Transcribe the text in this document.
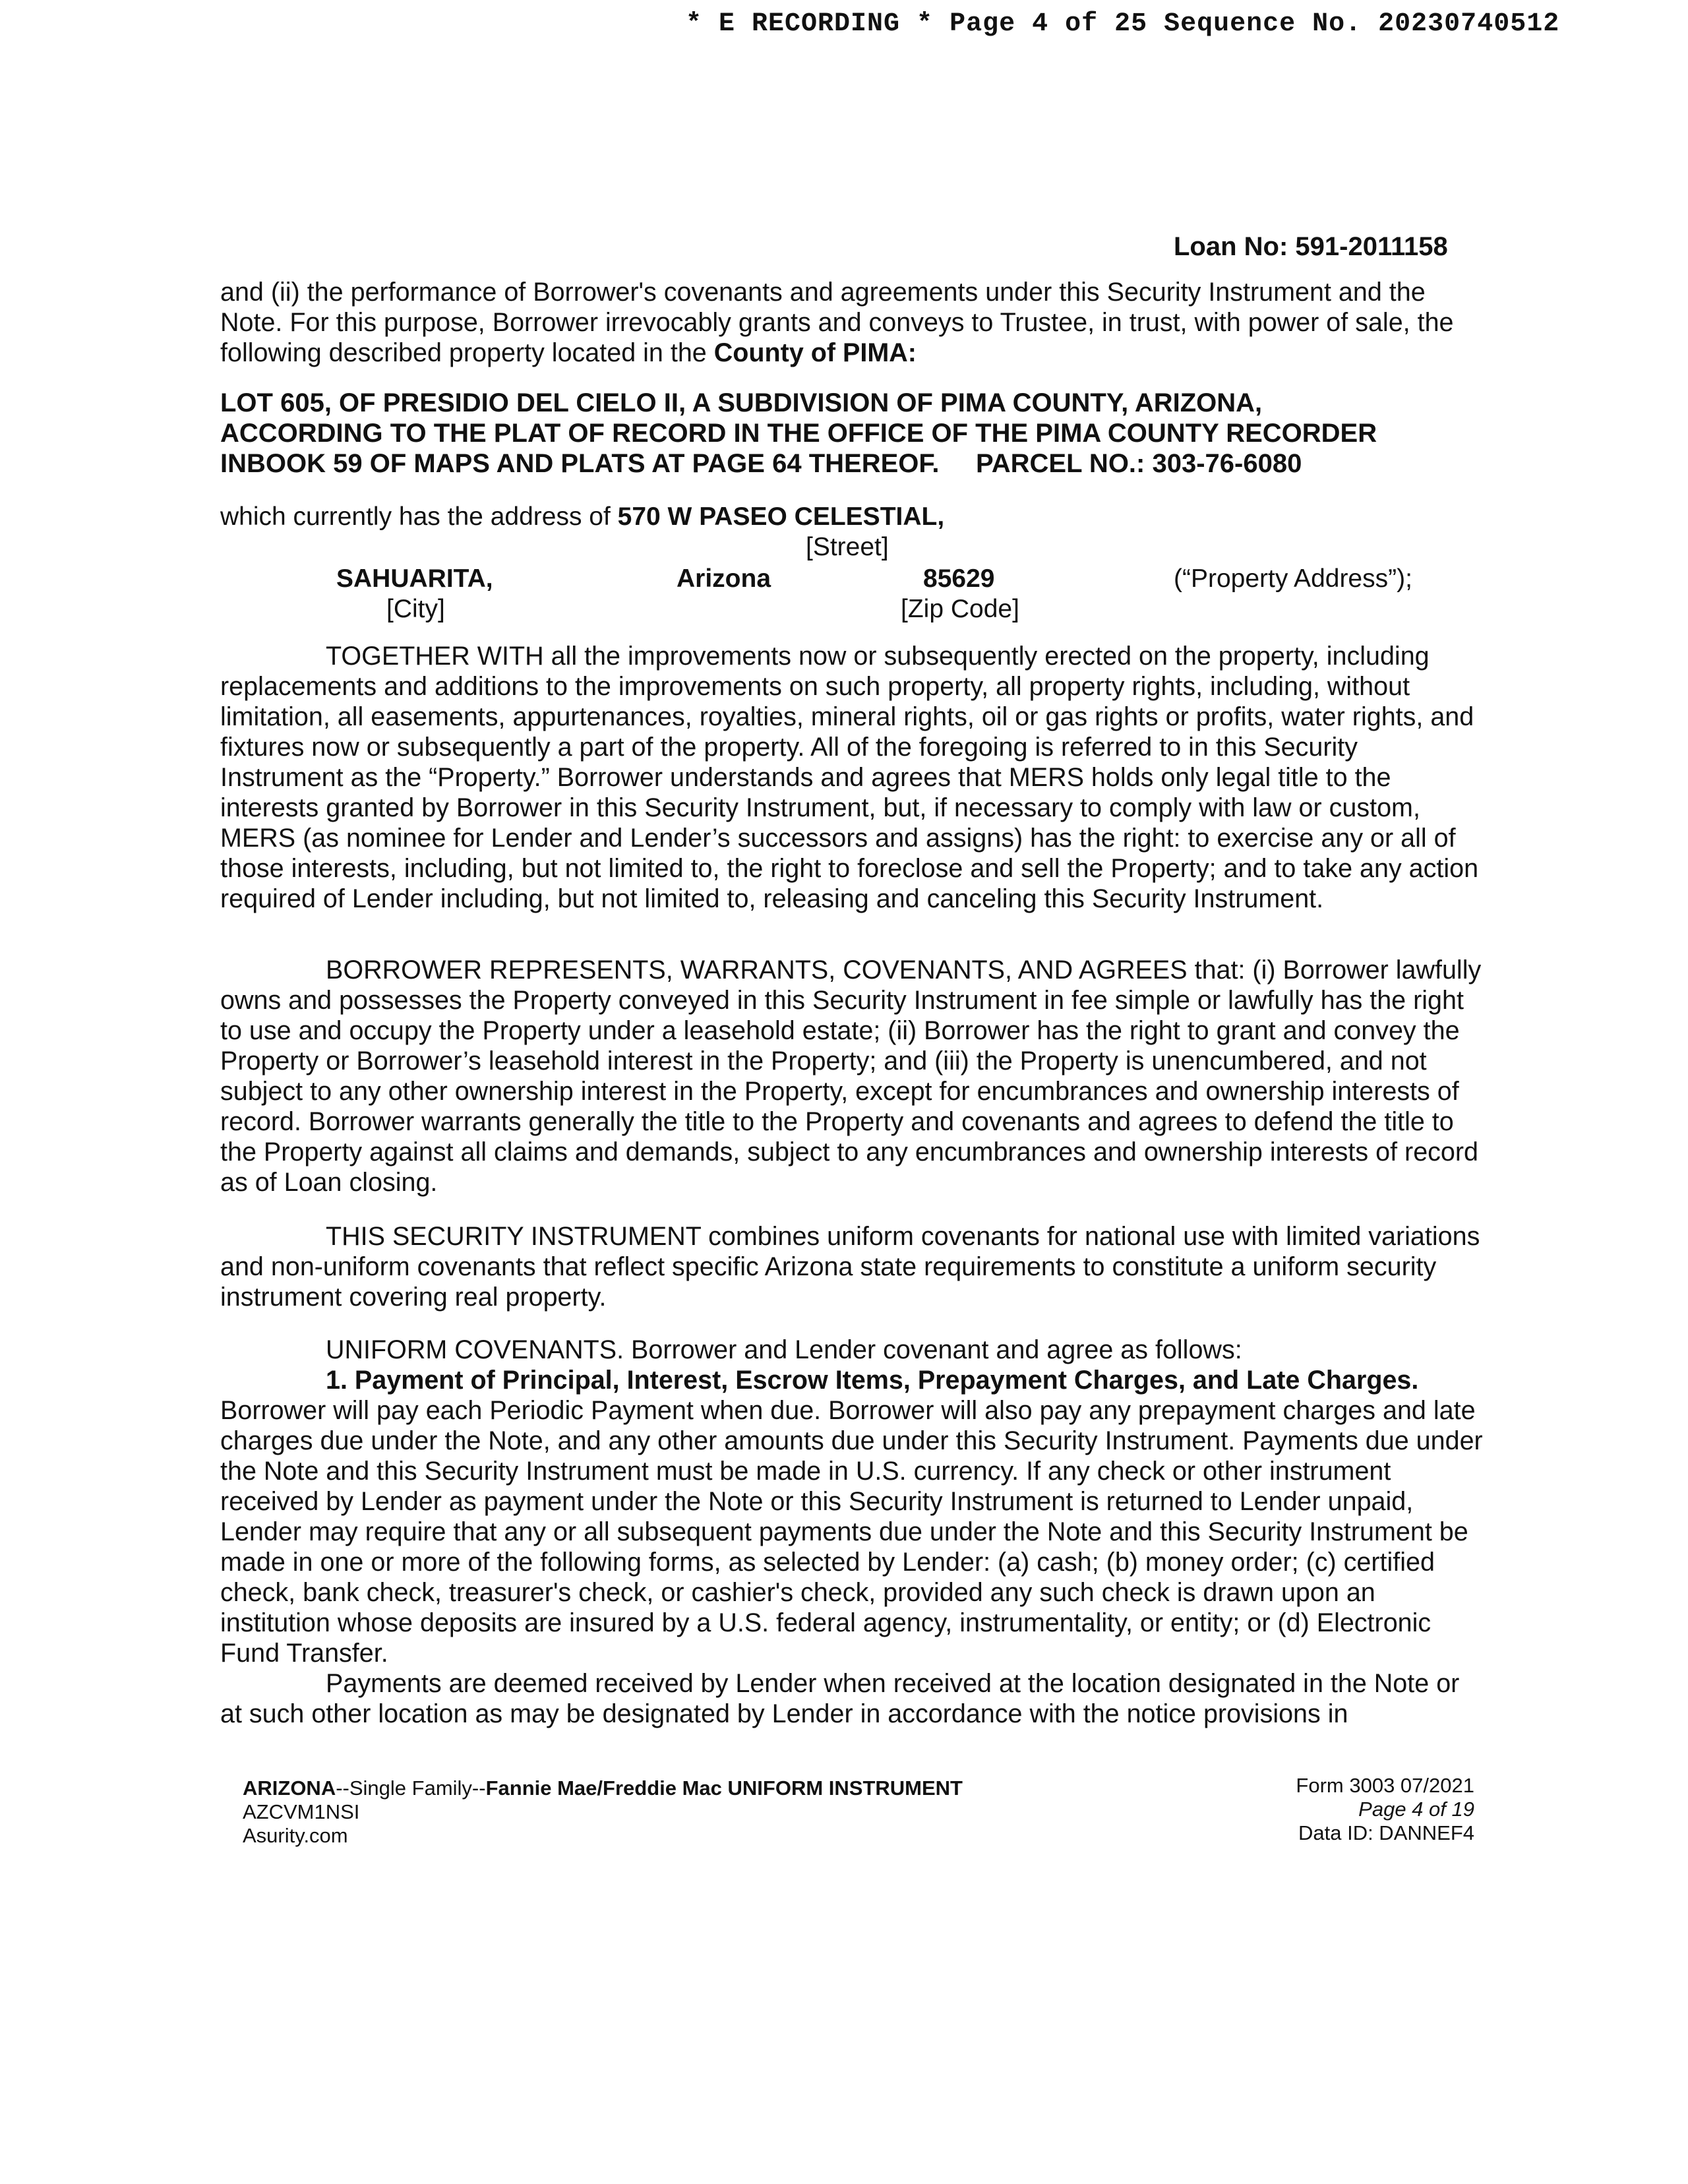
* E RECORDING * Page 4 of 25 Sequence No. 20230740512
Loan No: 591-2011158

and (ii) the performance of Borrower's covenants and agreements under this Security Instrument and the Note. For this purpose, Borrower irrevocably grants and conveys to Trustee, in trust, with power of sale, the following described property located in the County of PIMA:

LOT 605, OF PRESIDIO DEL CIELO II, A SUBDIVISION OF PIMA COUNTY, ARIZONA,
ACCORDING TO THE PLAT OF RECORD IN THE OFFICE OF THE PIMA COUNTY RECORDER
INBOOK 59 OF MAPS AND PLATS AT PAGE 64 THEREOF.     PARCEL NO.: 303-76-6080
which currently has the address of 570 W PASEO CELESTIAL,
[Street]
SAHUARITA,	Arizona	85629	(“Property Address”);
[City]	[Zip Code]

TOGETHER WITH all the improvements now or subsequently erected on the property, including replacements and additions to the improvements on such property, all property rights, including, without limitation, all easements, appurtenances, royalties, mineral rights, oil or gas rights or profits, water rights, and fixtures now or subsequently a part of the property. All of the foregoing is referred to in this Security Instrument as the “Property.” Borrower understands and agrees that MERS holds only legal title to the interests granted by Borrower in this Security Instrument, but, if necessary to comply with law or custom, MERS (as nominee for Lender and Lender’s successors and assigns) has the right: to exercise any or all of those interests, including, but not limited to, the right to foreclose and sell the Property; and to take any action required of Lender including, but not limited to, releasing and canceling this Security Instrument.

BORROWER REPRESENTS, WARRANTS, COVENANTS, AND AGREES that: (i) Borrower lawfully owns and possesses the Property conveyed in this Security Instrument in fee simple or lawfully has the right to use and occupy the Property under a leasehold estate; (ii) Borrower has the right to grant and convey the Property or Borrower’s leasehold interest in the Property; and (iii) the Property is unencumbered, and not subject to any other ownership interest in the Property, except for encumbrances and ownership interests of record. Borrower warrants generally the title to the Property and covenants and agrees to defend the title to the Property against all claims and demands, subject to any encumbrances and ownership interests of record as of Loan closing.

THIS SECURITY INSTRUMENT combines uniform covenants for national use with limited variations and non-uniform covenants that reflect specific Arizona state requirements to constitute a uniform security instrument covering real property.

UNIFORM COVENANTS. Borrower and Lender covenant and agree as follows:

1. Payment of Principal, Interest, Escrow Items, Prepayment Charges, and Late Charges. Borrower will pay each Periodic Payment when due. Borrower will also pay any prepayment charges and late charges due under the Note, and any other amounts due under this Security Instrument. Payments due under the Note and this Security Instrument must be made in U.S. currency. If any check or other instrument received by Lender as payment under the Note or this Security Instrument is returned to Lender unpaid, Lender may require that any or all subsequent payments due under the Note and this Security Instrument be made in one or more of the following forms, as selected by Lender: (a) cash; (b) money order; (c) certified check, bank check, treasurer's check, or cashier's check, provided any such check is drawn upon an institution whose deposits are insured by a U.S. federal agency, instrumentality, or entity; or (d) Electronic Fund Transfer.

Payments are deemed received by Lender when received at the location designated in the Note or at such other location as may be designated by Lender in accordance with the notice provisions in

ARIZONA--Single Family--Fannie Mae/Freddie Mac UNIFORM INSTRUMENT
AZCVM1NSI
Asurity.com
Form 3003 07/2021
Page 4 of 19
Data ID: DANNEF4
